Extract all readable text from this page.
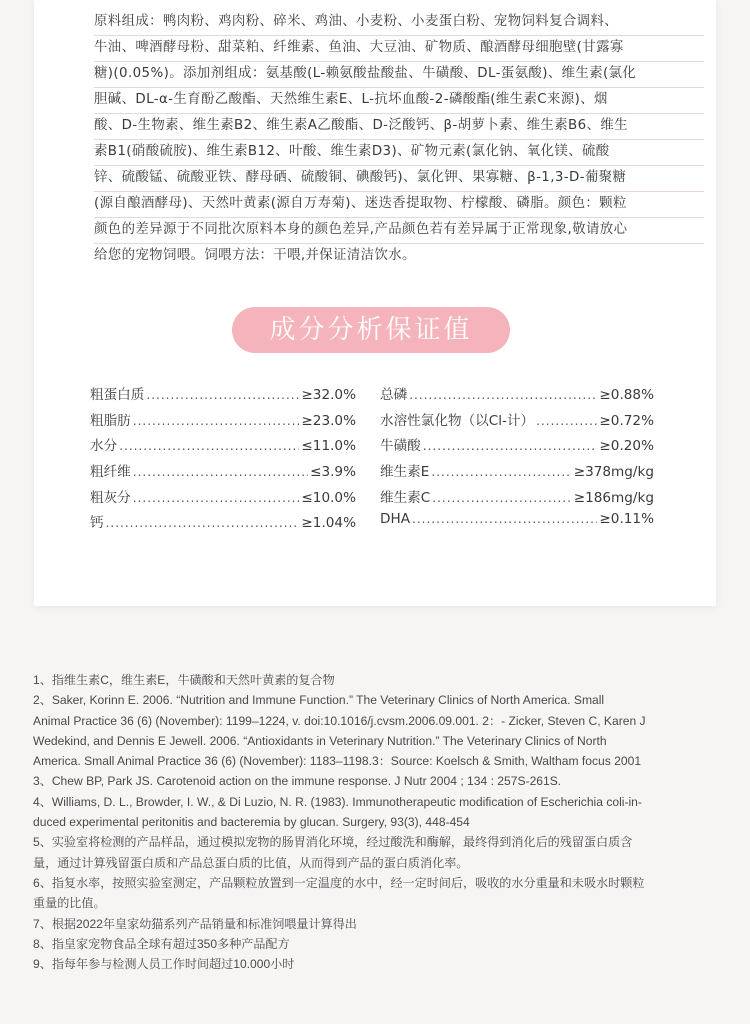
原料组成：鸭肉粉、鸡肉粉、碎米、鸡油、小麦粉、小麦蛋白粉、宠物饲料复合调料、
牛油、啤酒酵母粉、甜菜粕、纤维素、鱼油、大豆油、矿物质、酿酒酵母细胞壁(甘露寡
糖)(0.05%)。添加剂组成：氨基酸(L-赖氨酸盐酸盐、牛磺酸、DL-蛋氨酸)、维生素(氯化
胆碱、DL-α-生育酚乙酸酯、天然维生素E、L-抗坏血酸-2-磷酸酯(维生素C来源)、烟
酸、D-生物素、维生素B2、维生素A乙酸酯、D-泛酸钙、β-胡萝卜素、维生素B6、维生
素B1(硝酸硫胺)、维生素B12、叶酸、维生素D3)、矿物元素(氯化钠、氧化镁、硫酸
锌、硫酸锰、硫酸亚铁、酵母硒、硫酸铜、碘酸钙)、氯化钾、果寡糖、β-1,3-D-葡聚糖
(源自酿酒酵母)、天然叶黄素(源自万寿菊)、迷迭香提取物、柠檬酸、磷脂。颜色：颗粒
颜色的差异源于不同批次原料本身的颜色差异,产品颜色若有差异属于正常现象,敬请放心
给您的宠物饲喂。饲喂方法：干喂,并保证清洁饮水。
成分分析保证值
粗蛋白质 .....	≥32.0%
粗脂肪 .....	≥23.0%
水分 .....	≤11.0%
粗纤维 .....	≤3.9%
粗灰分 .....	≤10.0%
钙 .....	≥1.04%
总磷 .....	≥0.88%
水溶性氯化物（以Cl-计） .....	≥0.72%
牛磺酸 .....	≥0.20%
维生素E .....	≥378mg/kg
维生素C .....	≥186mg/kg
DHA .....	≥0.11%
1、指维生素C，维生素E，牛磺酸和天然叶黄素的复合物
2、Saker, Korinn E. 2006. “Nutrition and Immune Function.” The Veterinary Clinics of North America. Small
Animal Practice 36 (6) (November): 1199–1224, v. doi:10.1016/j.cvsm.2006.09.001. 2：- Zicker, Steven C, Karen J
Wedekind, and Dennis E Jewell. 2006. “Antioxidants in Veterinary Nutrition.” The Veterinary Clinics of North
America. Small Animal Practice 36 (6) (November): 1183–1198.3：Source: Koelsch & Smith, Waltham focus 2001
3、Chew BP, Park JS. Carotenoid action on the immune response. J Nutr 2004 ; 134 : 257S-261S.
4、Williams, D. L., Browder, I. W., & Di Luzio, N. R. (1983). Immunotherapeutic modification of Escherichia coli-in-
duced experimental peritonitis and bacteremia by glucan. Surgery, 93(3), 448-454
5、实验室将检测的产品样品，通过模拟宠物的肠胃消化环境，经过酸洗和酶解，最终得到消化后的残留蛋白质含
量，通过计算残留蛋白质和产品总蛋白质的比值，从而得到产品的蛋白质消化率。
6、指复水率，按照实验室测定，产品颗粒放置到一定温度的水中，经一定时间后，吸收的水分重量和未吸水时颗粒
重量的比值。
7、根据2022年皇家幼猫系列产品销量和标准饲喂量计算得出
8、指皇家宠物食品全球有超过350多种产品配方
9、指每年参与检测人员工作时间超过10.000小时
